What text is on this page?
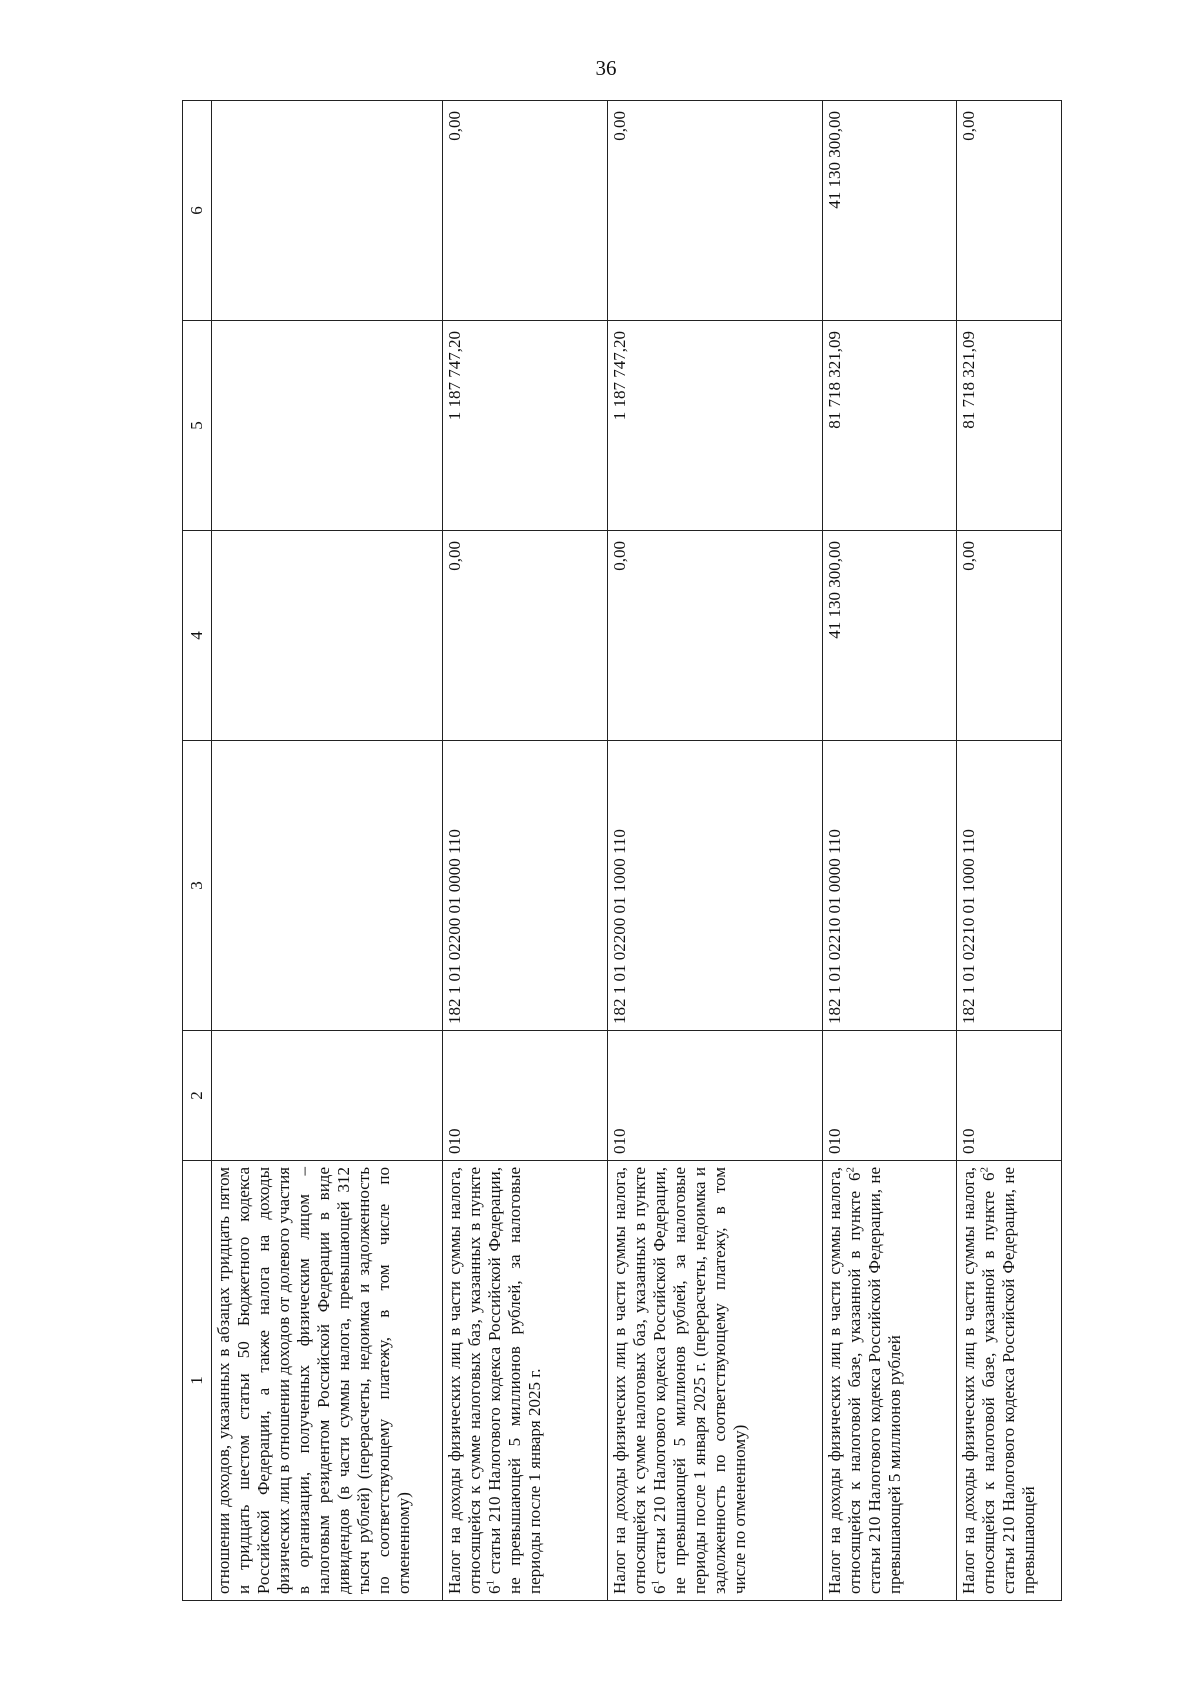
36
1	2	3	4	5	6
отношении доходов, указанных в абзацах тридцать пятом и тридцать шестом статьи 50 Бюджетного кодекса Российской Федерации, а также налога на доходы физических лиц в отношении доходов от долевого участия в организации, полученных физическим лицом – налоговым резидентом Российской Федерации в виде дивидендов (в части суммы налога, превышающей 312 тысяч рублей) (перерасчеты, недоимка и задолженность по соответствующему платежу, в том числе по отмененному)					
Налог на доходы физических лиц в части суммы налога, относящейся к сумме налоговых баз, указанных в пункте $6^1$ статьи 210 Налогового кодекса Российской Федерации, не превышающей 5 миллионов рублей, за налоговые периоды после 1 января 2025 г.	010	182 1 01 02200 01 0000 110	0,00	1 187 747,20	0,00
Налог на доходы физических лиц в части суммы налога, относящейся к сумме налоговых баз, указанных в пункте $6^1$ статьи 210 Налогового кодекса Российской Федерации, не превышающей 5 миллионов рублей, за налоговые периоды после 1 января 2025 г. (перерасчеты, недоимка и задолженность по соответствующему платежу, в том числе по отмененному)	010	182 1 01 02200 01 1000 110	0,00	1 187 747,20	0,00
Налог на доходы физических лиц в части суммы налога, относящейся к налоговой базе, указанной в пункте $6^2$ статьи 210 Налогового кодекса Российской Федерации, не превышающей 5 миллионов рублей	010	182 1 01 02210 01 0000 110	41 130 300,00	81 718 321,09	41 130 300,00
Налог на доходы физических лиц в части суммы налога, относящейся к налоговой базе, указанной в пункте $6^2$ статьи 210 Налогового кодекса Российской Федерации, не превышающей	010	182 1 01 02210 01 1000 110	0,00	81 718 321,09	0,00
